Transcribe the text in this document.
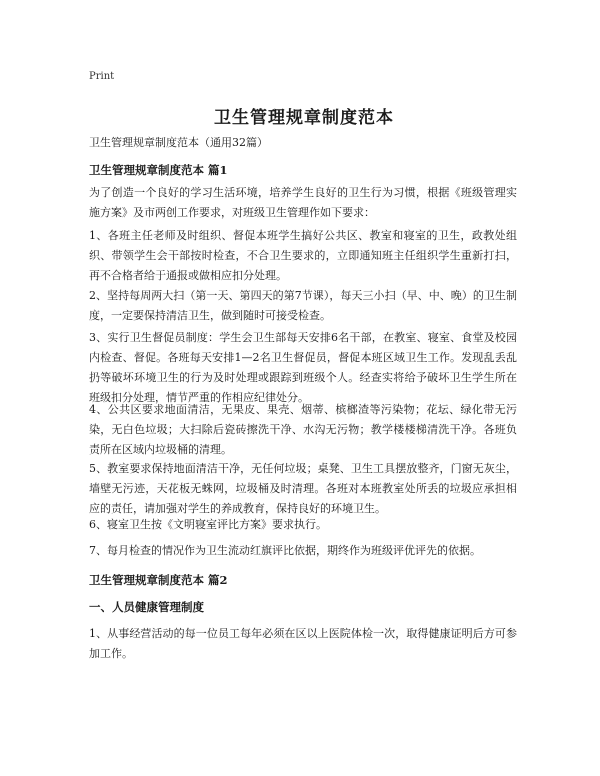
Print
卫生管理规章制度范本
卫生管理规章制度范本（通用32篇）
卫生管理规章制度范本 篇1
为了创造一个良好的学习生活环境，培养学生良好的卫生行为习惯，根据《班级管理实施方案》及市两创工作要求，对班级卫生管理作如下要求：
1、各班主任老师及时组织、督促本班学生搞好公共区、教室和寝室的卫生，政教处组织、带领学生会干部按时检查，不合卫生要求的，立即通知班主任组织学生重新打扫，再不合格者给于通报或做相应扣分处理。
2、坚持每周两大扫（第一天、第四天的第7节课），每天三小扫（早、中、晚）的卫生制度，一定要保持清洁卫生，做到随时可接受检查。
3、实行卫生督促员制度：学生会卫生部每天安排6名干部，在教室、寝室、食堂及校园内检查、督促。各班每天安排1—2名卫生督促员，督促本班区域卫生工作。发现乱丢乱扔等破坏环境卫生的行为及时处理或跟踪到班级个人。经查实将给予破坏卫生学生所在班级扣分处理，情节严重的作相应纪律处分。
4、公共区要求地面清洁，无果皮、果壳、烟蒂、槟榔渣等污染物；花坛、绿化带无污染，无白色垃圾；大扫除后瓷砖擦洗干净、水沟无污物；教学楼楼梯清洗干净。各班负责所在区域内垃圾桶的清理。
5、教室要求保持地面清洁干净，无任何垃圾；桌凳、卫生工具摆放整齐，门窗无灰尘，墙壁无污迹，天花板无蛛网，垃圾桶及时清理。各班对本班教室处所丢的垃圾应承担相应的责任，请加强对学生的养成教育，保持良好的环境卫生。
6、寝室卫生按《文明寝室评比方案》要求执行。
7、每月检查的情况作为卫生流动红旗评比依据，期终作为班级评优评先的依据。
卫生管理规章制度范本 篇2
一、人员健康管理制度
1、从事经营活动的每一位员工每年必须在区以上医院体检一次，取得健康证明后方可参加工作。
